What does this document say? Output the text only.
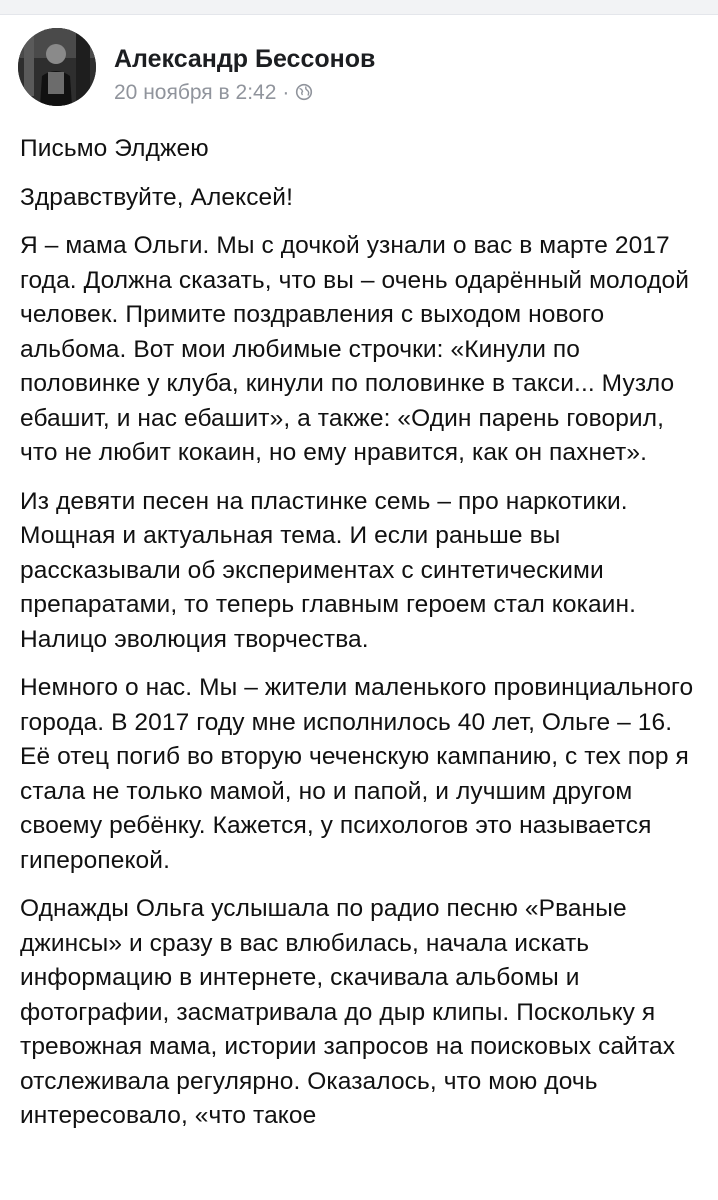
Александр Бессонов
20 ноября в 2:42 ·

Письмо Элджею

Здравствуйте, Алексей!

Я – мама Ольги. Мы с дочкой узнали о вас в марте 2017 года. Должна сказать, что вы – очень одарённый молодой человек. Примите поздравления с выходом нового альбома. Вот мои любимые строчки: «Кинули по половинке у клуба, кинули по половинке в такси... Музло ебашит, и нас ебашит», а также: «Один парень говорил, что не любит кокаин, но ему нравится, как он пахнет».

Из девяти песен на пластинке семь – про наркотики. Мощная и актуальная тема. И если раньше вы рассказывали об экспериментах с синтетическими препаратами, то теперь главным героем стал кокаин. Налицо эволюция творчества.

Немного о нас. Мы – жители маленького провинциального города. В 2017 году мне исполнилось 40 лет, Ольге – 16. Её отец погиб во вторую чеченскую кампанию, с тех пор я стала не только мамой, но и папой, и лучшим другом своему ребёнку. Кажется, у психологов это называется гиперопекой.

Однажды Ольга услышала по радио песню «Рваные джинсы» и сразу в вас влюбилась, начала искать информацию в интернете, скачивала альбомы и фотографии, засматривала до дыр клипы. Поскольку я тревожная мама, истории запросов на поисковых сайтах отслеживала регулярно. Оказалось, что мою дочь интересовало, «что такое
